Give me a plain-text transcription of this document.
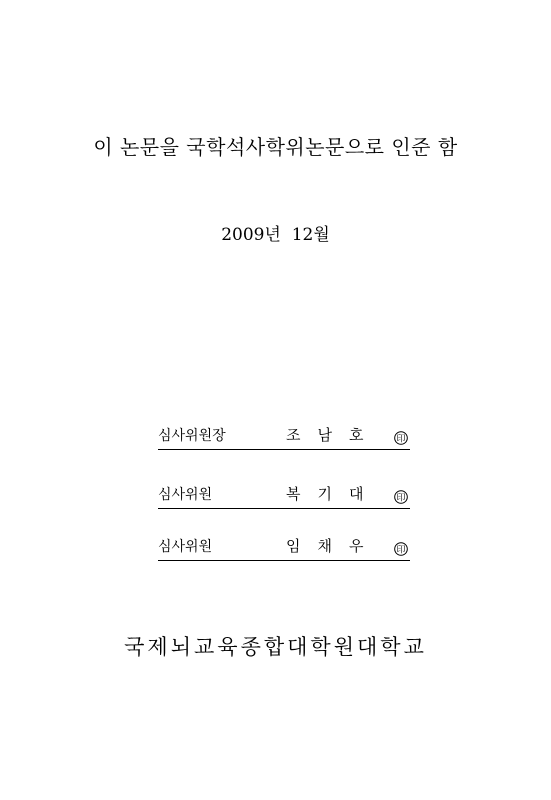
이 논문을 국학석사학위논문으로 인준 함
2009년  12월
심사위원장	조남호 印
심사위원	복기대 印
심사위원	임채우 印
국제뇌교육종합대학원대학교
